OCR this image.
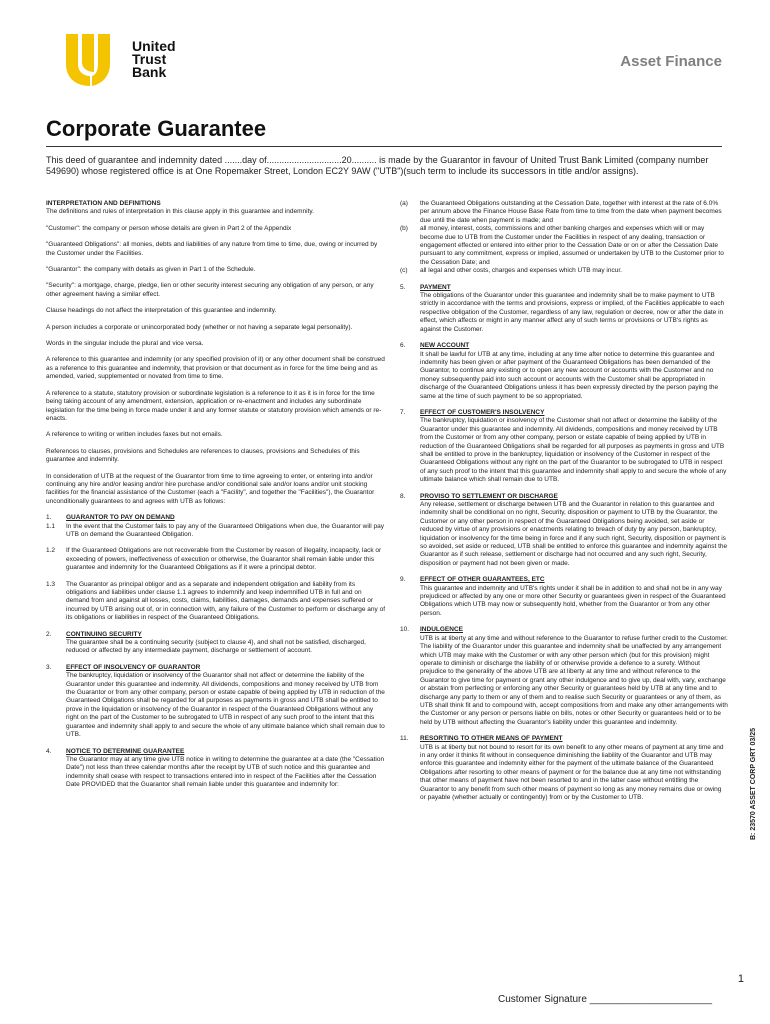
United
Trust
Bank
Asset Finance
Corporate Guarantee
This deed of guarantee and indemnity dated .......day of..............................20.......... is made by the Guarantor in favour of United Trust Bank Limited (company number 549690) whose registered office is at One Ropemaker Street, London EC2Y 9AW ("UTB")(such term to include its successors in title and/or assigns).

INTERPRETATION AND DEFINITIONS

The definitions and rules of interpretation in this clause apply in this guarantee and indemnity.

"Customer": the company or person whose details are given in Part 2 of the Appendix

"Guaranteed Obligations": all monies, debts and liabilities of any nature from time to time, due, owing or incurred by the Customer under the Facilities.

"Guarantor": the company with details as given in Part 1 of the Schedule.

"Security": a mortgage, charge, pledge, lien or other security interest securing any obligation of any person, or any other agreement having a similar effect.

Clause headings do not affect the interpretation of this guarantee and indemnity.

A person includes a corporate or unincorporated body (whether or not having a separate legal personality).

Words in the singular include the plural and vice versa.

A reference to this guarantee and indemnity (or any specified provision of it) or any other document shall be construed as a reference to this guarantee and indemnity, that provision or that document as in force for the time being and as amended, varied, supplemented or novated from time to time.

A reference to a statute, statutory provision or subordinate legislation is a reference to it as it is in force for the time being taking account of any amendment, extension, application or re-enactment and includes any subordinate legislation for the time being in force made under it and any former statute or statutory provision which amends or re-enacts.

A reference to writing or written includes faxes but not emails.

References to clauses, provisions and Schedules are references to clauses, provisions and Schedules of this guarantee and indemnity.

In consideration of UTB at the request of the Guarantor from time to time agreeing to enter, or entering into and/or continuing any hire and/or leasing and/or hire purchase and/or conditional sale and/or loans and/or unit stocking facilities for the financial assistance of the Customer (each a "Facility", and together the "Facilities"), the Guarantor unconditionally guarantees to and agrees with UTB as follows:

1. GUARANTOR TO PAY ON DEMAND
1.1 In the event that the Customer fails to pay any of the Guaranteed Obligations when due, the Guarantor will pay UTB on demand the Guaranteed Obligation.
1.2 If the Guaranteed Obligations are not recoverable from the Customer by reason of illegality, incapacity, lack or exceeding of powers, ineffectiveness of execution or otherwise, the Guarantor shall remain liable under this guarantee and indemnity for the Guaranteed Obligations as if it were a principal debtor.
1.3 The Guarantor as principal obligor and as a separate and independent obligation and liability from its obligations and liabilities under clause 1.1 agrees to indemnify and keep indemnified UTB in full and on demand from and against all losses, costs, claims, liabilities, damages, demands and expenses suffered or incurred by UTB arising out of, or in connection with, any failure of the Customer to perform or discharge any of its obligations or liabilities in respect of the Guaranteed Obligations.
2. CONTINUING SECURITY
The guarantee shall be a continuing security (subject to clause 4), and shall not be satisfied, discharged, reduced or affected by any intermediate payment, discharge or settlement of account.
3. EFFECT OF INSOLVENCY OF GUARANTOR
The bankruptcy, liquidation or insolvency of the Guarantor shall not affect or determine the liability of the Guarantor under this guarantee and indemnity. All dividends, compositions and money received by UTB from the Guarantor or from any other company, person or estate capable of being applied by UTB in reduction of the Guaranteed Obligations shall be regarded for all purposes as payments in gross and UTB shall be entitled to prove in the liquidation or insolvency of the Guarantor in respect of the Guaranteed Obligations without any right on the part of the Customer to be subrogated to UTB in respect of any such proof to the intent that this guarantee and indemnity shall apply to and secure the whole of any ultimate balance which shall remain due to UTB.
4. NOTICE TO DETERMINE GUARANTEE
The Guarantor may at any time give UTB notice in writing to determine the guarantee at a date (the "Cessation Date") not less than three calendar months after the receipt by UTB of such notice and this guarantee and indemnity shall cease with respect to transactions entered into in respect of the Facilities after the Cessation Date PROVIDED that the Guarantor shall remain liable under this guarantee and indemnity for:
(a) the Guaranteed Obligations outstanding at the Cessation Date, together with interest at the rate of 6.0% per annum above the Finance House Base Rate from time to time from the date when payment becomes due until the date when payment is made; and
(b) all money, interest, costs, commissions and other banking charges and expenses which will or may become due to UTB from the Customer under the Facilities in respect of any dealing, transaction or engagement effected or entered into either prior to the Cessation Date or on or after the Cessation Date pursuant to any commitment, express or implied, assumed or undertaken by UTB to the Customer prior to the Cessation Date; and
(c) all legal and other costs, charges and expenses which UTB may incur.
5. PAYMENT
The obligations of the Guarantor under this guarantee and indemnity shall be to make payment to UTB strictly in accordance with the terms and provisions, express or implied, of the Facilities applicable to each respective obligation of the Customer, regardless of any law, regulation or decree, now or after the date in effect, which affects or might in any manner affect any of such terms or provisions or UTB's rights as against the Customer.
6. NEW ACCOUNT
It shall be lawful for UTB at any time, including at any time after notice to determine this guarantee and indemnity has been given or after payment of the Guaranteed Obligations has been demanded of the Guarantor, to continue any existing or to open any new account or accounts with the Customer and no money subsequently paid into such account or accounts with the Customer shall be appropriated in discharge of the Guaranteed Obligations unless it has been expressly directed by the person paying the same at the time of such payment to be so appropriated.
7. EFFECT OF CUSTOMER'S INSOLVENCY
The bankruptcy, liquidation or insolvency of the Customer shall not affect or determine the liability of the Guarantor under this guarantee and indemnity. All dividends, compositions and money received by UTB from the Customer or from any other company, person or estate capable of being applied by UTB in reduction of the Guaranteed Obligations shall be regarded for all purposes as payments in gross and UTB shall be entitled to prove in the bankruptcy, liquidation or insolvency of the Customer in respect of the Guaranteed Obligations without any right on the part of the Guarantor to be subrogated to UTB in respect of any such proof to the intent that this guarantee and indemnity shall apply to and secure the whole of any ultimate balance which shall remain due to UTB.
8. PROVISO TO SETTLEMENT OR DISCHARGE
Any release, settlement or discharge between UTB and the Guarantor in relation to this guarantee and indemnity shall be conditional on no right, Security, disposition or payment to UTB by the Guarantor, the Customer or any other person in respect of the Guaranteed Obligations being avoided, set aside or reduced by virtue of any provisions or enactments relating to breach of duty by any person, bankruptcy, liquidation or insolvency for the time being in force and if any such right, Security, disposition or payment is so avoided, set aside or reduced, UTB shall be entitled to enforce this guarantee and indemnity against the Guarantor as if such release, settlement or discharge had not occurred and any such right, Security, disposition or payment had not been given or made.
9. EFFECT OF OTHER GUARANTEES, ETC
This guarantee and indemnity and UTB's rights under it shall be in addition to and shall not be in any way prejudiced or affected by any one or more other Security or guarantees given in respect of the Guaranteed Obligations which UTB may now or subsequently hold, whether from the Guarantor or from any other person.
10. INDULGENCE
UTB is at liberty at any time and without reference to the Guarantor to refuse further credit to the Customer. The liability of the Guarantor under this guarantee and indemnity shall be unaffected by any arrangement which UTB may make with the Customer or with any other person which (but for this provision) might operate to diminish or discharge the liability of or otherwise provide a defence to a surety. Without prejudice to the generality of the above UTB are at liberty at any time and without reference to the Guarantor to give time for payment or grant any other indulgence and to give up, deal with, vary, exchange or abstain from perfecting or enforcing any other Security or guarantees held by UTB at any time and to discharge any party to them or any of them and to realise such Security or guarantees or any of them, as UTB shall think fit and to compound with, accept compositions from and make any other arrangements with the Customer or any person or persons liable on bills, notes or other Security or guarantees held or to be held by UTB without affecting the Guarantor's liability under this guarantee and indemnity.
11. RESORTING TO OTHER MEANS OF PAYMENT
UTB is at liberty but not bound to resort for its own benefit to any other means of payment at any time and in any order it thinks fit without in consequence diminishing the liability of the Guarantor and UTB may enforce this guarantee and indemnity either for the payment of the ultimate balance of the Guaranteed Obligations after resorting to other means of payment or for the balance due at any time not withstanding that other means of payment have not been resorted to and in the latter case without entitling the Guarantor to any benefit from such other means of payment so long as any money remains due or owing or payable (whether actually or contingently) from or by the Customer to UTB.	B: 23570 ASSET CORP GRT 03/25
1
Customer Signature ______________________
